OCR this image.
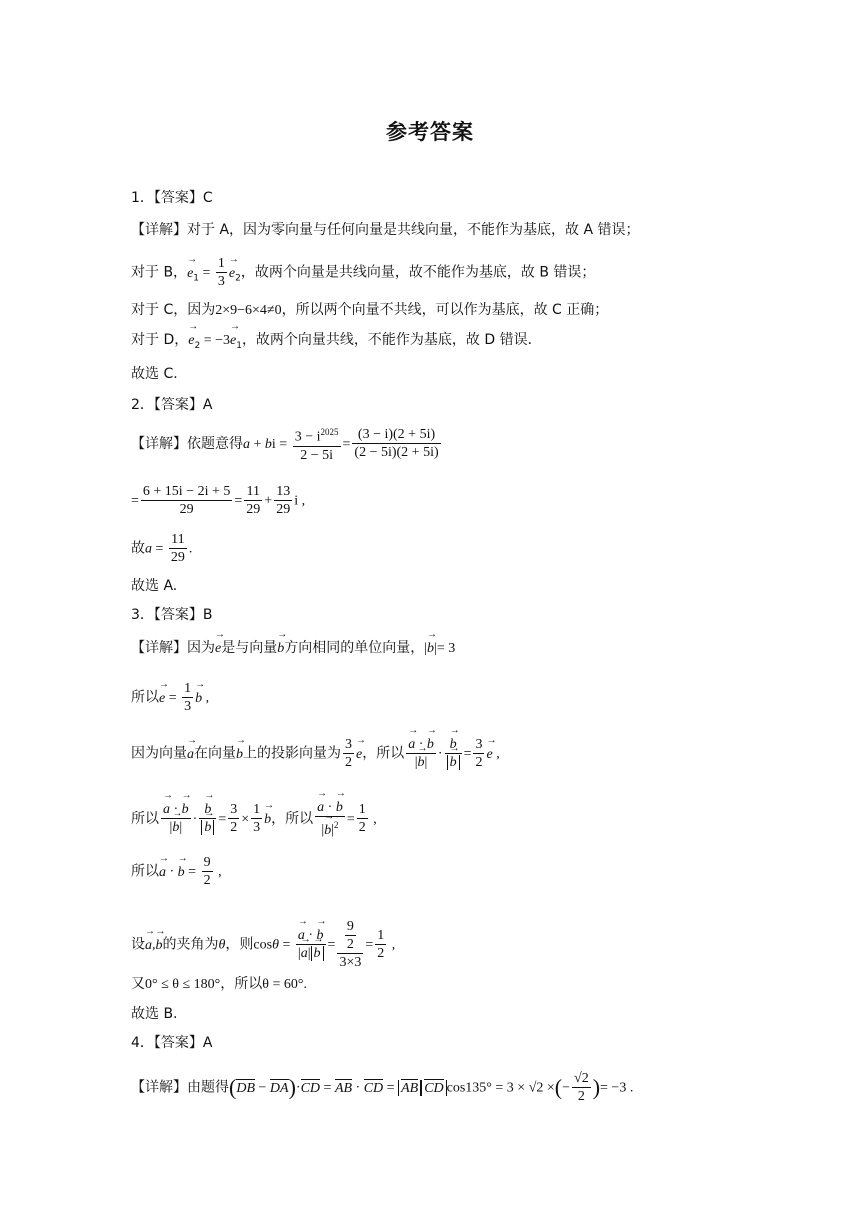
参考答案
1．【答案】C
【详解】对于 A，因为零向量与任何向量是共线向量，不能作为基底，故 A 错误；
对于 B，→ $e_1 = \frac{1}{3}$
→ $e_2$，故两个向量是共线向量，故不能作为基底，故 B 错误；
对于 C，因为2×9−6×4≠0，所以两个向量不共线，可以作为基底，故 C 正确；
对于 D，→ $e_2 = -3\to e_1$，故两个向量共线，不能作为基底，故 D 错误．
故选 C.
2．【答案】A
【详解】依题意得a + bi = $\frac{3 - i^{2025}}{2 - 5i} = \frac{(3 - i)(2 + 5i)}{(2 - 5i)(2 + 5i)}$
= $\frac{6 + 15i - 2i + 5}{29} = \frac{11}{29} + \frac{13}{29}$ i ,
故$a = \frac{11}{29}$ .
故选 A.
3．【答案】B
【详解】因为→ e是与向量→ b方向相同的单位向量，|→ b|= 3
所以→ $e = \frac{1}{3}$
→ b ,
因为向量→ a在向量→ b上的投影向量为 $\frac{3}{2}$
→ e，所以
→ $\frac{a \cdot \to b}{|\to b|}$ ·
→ b
→ $b = \frac{3}{2}$
→ e ,
所以
→ $\frac{a \cdot \to b}{|\to b|}$ ·
→ b
→ $b = \frac{3}{2} \times \frac{1}{3}$
→ b，所以
→ $\frac{a \cdot \to b}{|\to b|^2} = \frac{1}{2}$ ,
所以→ a · → $b = \frac{9}{2}$ ,
设→ a,→ b的夹角为θ，则cosθ =
→ $\frac{a \cdot \to b}{|\to a|\to b} = \frac{\frac{9}{2}}{3\times 3} = \frac{1}{2}$ ,
又0° ≤ θ ≤ 180°，所以θ = 60°.
故选 B.
4．【答案】A
【详解】由题得(DB − DA)·CD = AB · CD = AB CD cos135° = 3 × √2 ×(− $\frac{√2}{2}$ )= −3 .
